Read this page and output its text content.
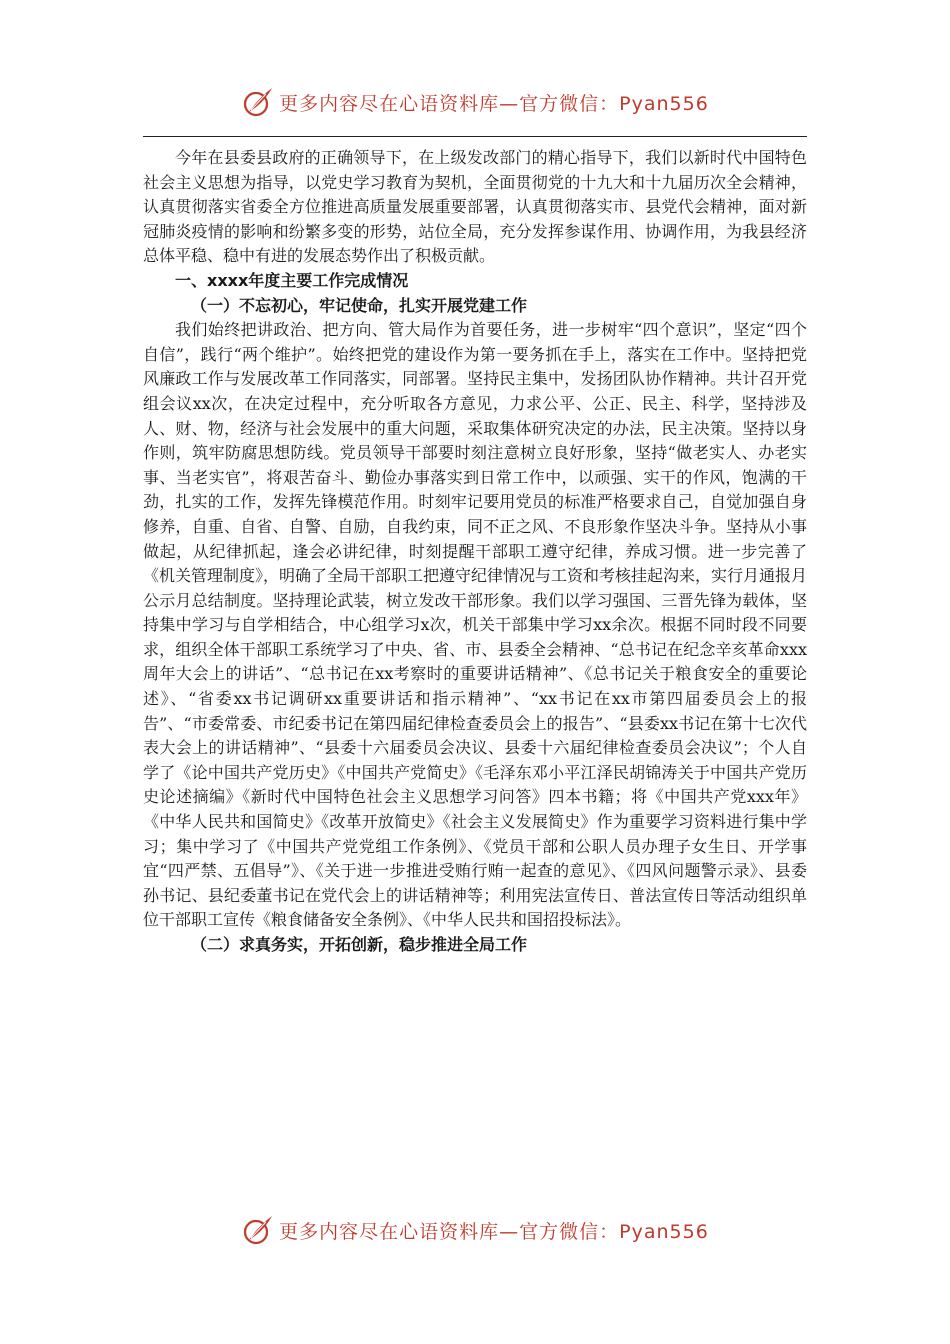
更多内容尽在心语资料库—官方微信：Pyan556

今年在县委县政府的正确领导下，在上级发改部门的精心指导下，我们以新时代中国特色社会主义思想为指导，以党史学习教育为契机，全面贯彻党的十九大和十九届历次全会精神，认真贯彻落实省委全方位推进高质量发展重要部署，认真贯彻落实市、县党代会精神，面对新冠肺炎疫情的影响和纷繁多变的形势，站位全局，充分发挥参谋作用、协调作用，为我县经济总体平稳、稳中有进的发展态势作出了积极贡献。

一、xxxx年度主要工作完成情况
（一）不忘初心，牢记使命，扎实开展党建工作

我们始终把讲政治、把方向、管大局作为首要任务，进一步树牢“四个意识”，坚定“四个自信”，践行“两个维护”。始终把党的建设作为第一要务抓在手上，落实在工作中。坚持把党风廉政工作与发展改革工作同落实，同部署。坚持民主集中，发扬团队协作精神。共计召开党组会议xx次，在决定过程中，充分听取各方意见，力求公平、公正、民主、科学，坚持涉及人、财、物，经济与社会发展中的重大问题，采取集体研究决定的办法，民主决策。坚持以身作则，筑牢防腐思想防线。党员领导干部要时刻注意树立良好形象，坚持“做老实人、办老实事、当老实官”，将艰苦奋斗、勤俭办事落实到日常工作中，以顽强、实干的作风，饱满的干劲，扎实的工作，发挥先锋模范作用。时刻牢记要用党员的标准严格要求自己，自觉加强自身修养，自重、自省、自警、自励，自我约束，同不正之风、不良形象作坚决斗争。坚持从小事做起，从纪律抓起，逢会必讲纪律，时刻提醒干部职工遵守纪律，养成习惯。进一步完善了《机关管理制度》，明确了全局干部职工把遵守纪律情况与工资和考核挂起沟来，实行月通报月公示月总结制度。坚持理论武装，树立发改干部形象。我们以学习强国、三晋先锋为载体，坚持集中学习与自学相结合，中心组学习x次，机关干部集中学习xx余次。根据不同时段不同要求，组织全体干部职工系统学习了中央、省、市、县委全会精神、“总书记在纪念辛亥革命xxx周年大会上的讲话”、“总书记在xx考察时的重要讲话精神”、《总书记关于粮食安全的重要论述》、“省委xx书记调研xx重要讲话和指示精神”、“xx书记在xx市第四届委员会上的报告”、“市委常委、市纪委书记在第四届纪律检查委员会上的报告”、“县委xx书记在第十七次代表大会上的讲话精神”、“县委十六届委员会决议、县委十六届纪律检查委员会决议”；个人自学了《论中国共产党历史》《中国共产党简史》《毛泽东邓小平江泽民胡锦涛关于中国共产党历史论述摘编》《新时代中国特色社会主义思想学习问答》四本书籍；将《中国共产党xxx年》《中华人民共和国简史》《改革开放简史》《社会主义发展简史》作为重要学习资料进行集中学习；集中学习了《中国共产党党组工作条例》、《党员干部和公职人员办理子女生日、开学事宜“四严禁、五倡导”》、《关于进一步推进受贿行贿一起查的意见》、《四风问题警示录》、县委孙书记、县纪委董书记在党代会上的讲话精神等；利用宪法宣传日、普法宣传日等活动组织单位干部职工宣传《粮食储备安全条例》、《中华人民共和国招投标法》。

（二）求真务实，开拓创新，稳步推进全局工作
更多内容尽在心语资料库—官方微信：Pyan556
